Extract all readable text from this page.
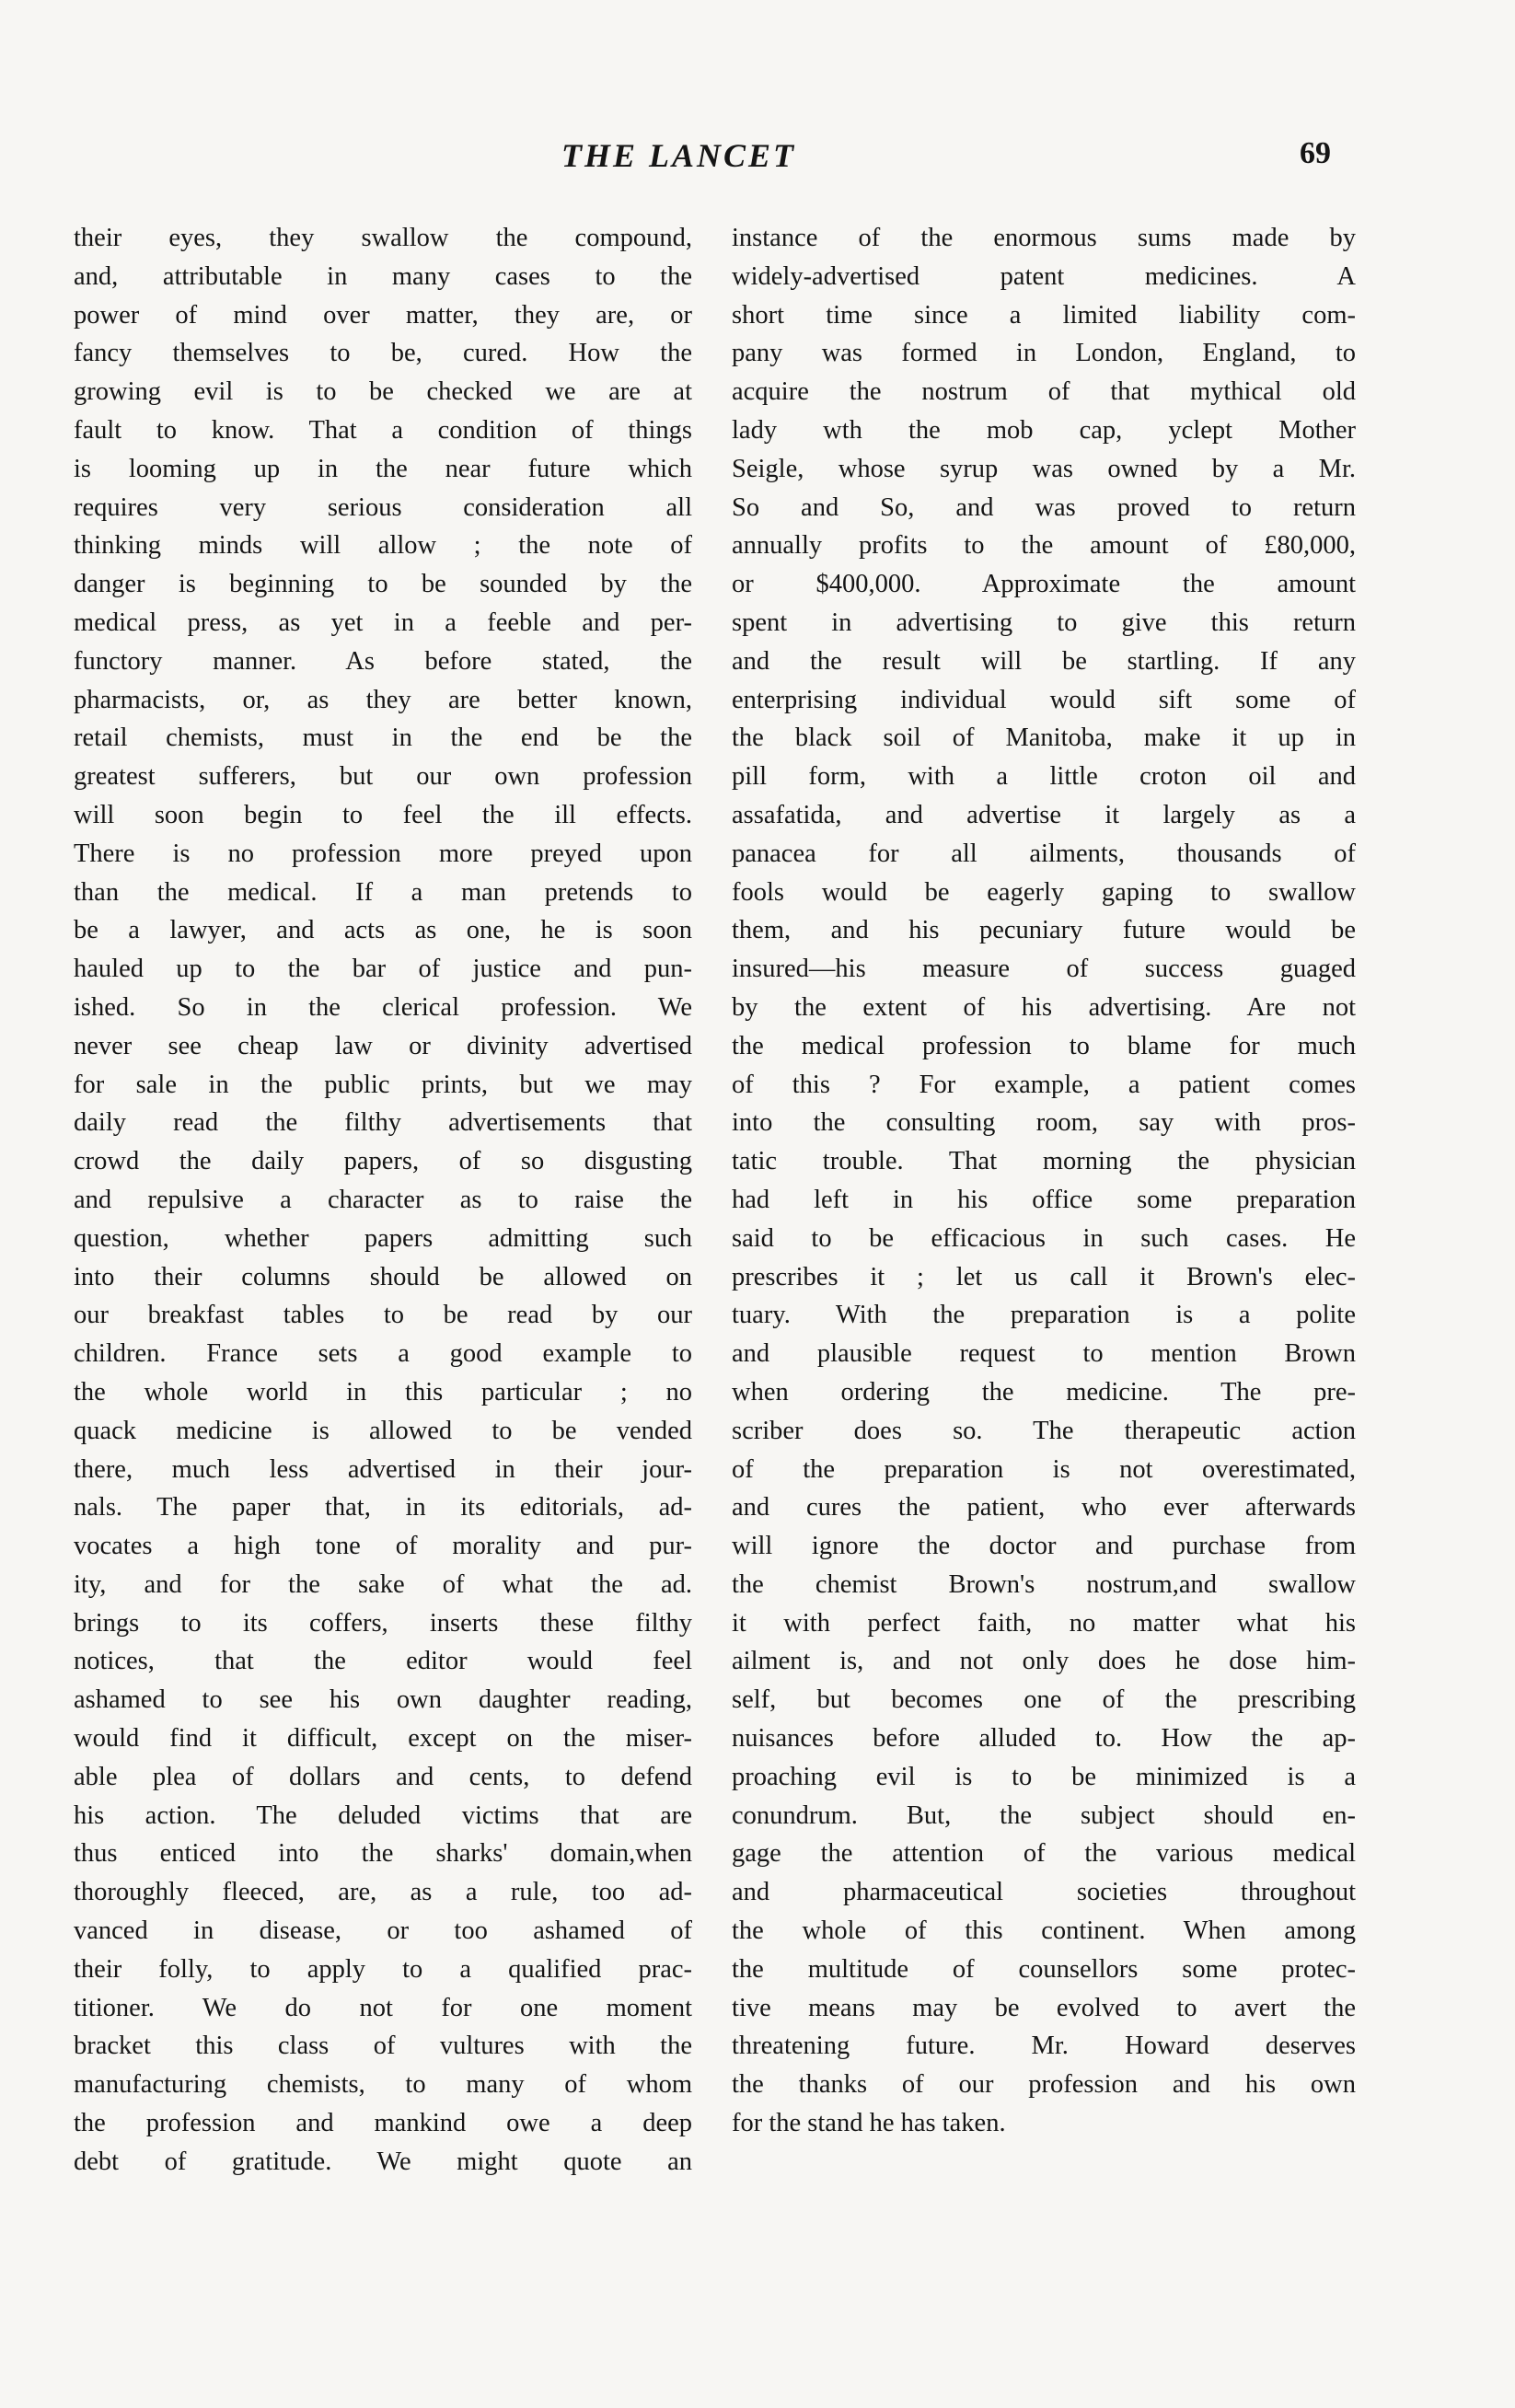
THE LANCET	69
their eyes, they swallow the compound,
and, attributable in many cases to the
power of mind over matter, they are, or
fancy themselves to be, cured. How the
growing evil is to be checked we are at
fault to know. That a condition of things
is looming up in the near future which
requires very serious consideration all
thinking minds will allow ; the note of
danger is beginning to be sounded by the
medical press, as yet in a feeble and per-
functory manner. As before stated, the
pharmacists, or, as they are better known,
retail chemists, must in the end be the
greatest sufferers, but our own profession
will soon begin to feel the ill effects.
There is no profession more preyed upon
than the medical. If a man pretends to
be a lawyer, and acts as one, he is soon
hauled up to the bar of justice and pun-
ished. So in the clerical profession. We
never see cheap law or divinity advertised
for sale in the public prints, but we may
daily read the filthy advertisements that
crowd the daily papers, of so disgusting
and repulsive a character as to raise the
question, whether papers admitting such
into their columns should be allowed on
our breakfast tables to be read by our
children. France sets a good example to
the whole world in this particular ; no
quack medicine is allowed to be vended
there, much less advertised in their jour-
nals. The paper that, in its editorials, ad-
vocates a high tone of morality and pur-
ity, and for the sake of what the ad.
brings to its coffers, inserts these filthy
notices, that the editor would feel
ashamed to see his own daughter reading,
would find it difficult, except on the miser-
able plea of dollars and cents, to defend
his action. The deluded victims that are
thus enticed into the sharks' domain,when
thoroughly fleeced, are, as a rule, too ad-
vanced in disease, or too ashamed of
their folly, to apply to a qualified prac-
titioner. We do not for one moment
bracket this class of vultures with the
manufacturing chemists, to many of whom
the profession and mankind owe a deep
debt of gratitude. We might quote an
instance of the enormous sums made by
widely-advertised patent medicines. A
short time since a limited liability com-
pany was formed in London, England, to
acquire the nostrum of that mythical old
lady wth the mob cap, yclept Mother
Seigle, whose syrup was owned by a Mr.
So and So, and was proved to return
annually profits to the amount of £80,000,
or $400,000. Approximate the amount
spent in advertising to give this return
and the result will be startling. If any
enterprising individual would sift some of
the black soil of Manitoba, make it up in
pill form, with a little croton oil and
assafatida, and advertise it largely as a
panacea for all ailments, thousands of
fools would be eagerly gaping to swallow
them, and his pecuniary future would be
insured—his measure of success guaged
by the extent of his advertising. Are not
the medical profession to blame for much
of this ? For example, a patient comes
into the consulting room, say with pros-
tatic trouble. That morning the physician
had left in his office some preparation
said to be efficacious in such cases. He
prescribes it ; let us call it Brown's elec-
tuary. With the preparation is a polite
and plausible request to mention Brown
when ordering the medicine. The pre-
scriber does so. The therapeutic action
of the preparation is not overestimated,
and cures the patient, who ever afterwards
will ignore the doctor and purchase from
the chemist Brown's nostrum,and swallow
it with perfect faith, no matter what his
ailment is, and not only does he dose him-
self, but becomes one of the prescribing
nuisances before alluded to. How the ap-
proaching evil is to be minimized is a
conundrum. But, the subject should en-
gage the attention of the various medical
and pharmaceutical societies throughout
the whole of this continent. When among
the multitude of counsellors some protec-
tive means may be evolved to avert the
threatening future. Mr. Howard deserves
the thanks of our profession and his own
for the stand he has taken.
